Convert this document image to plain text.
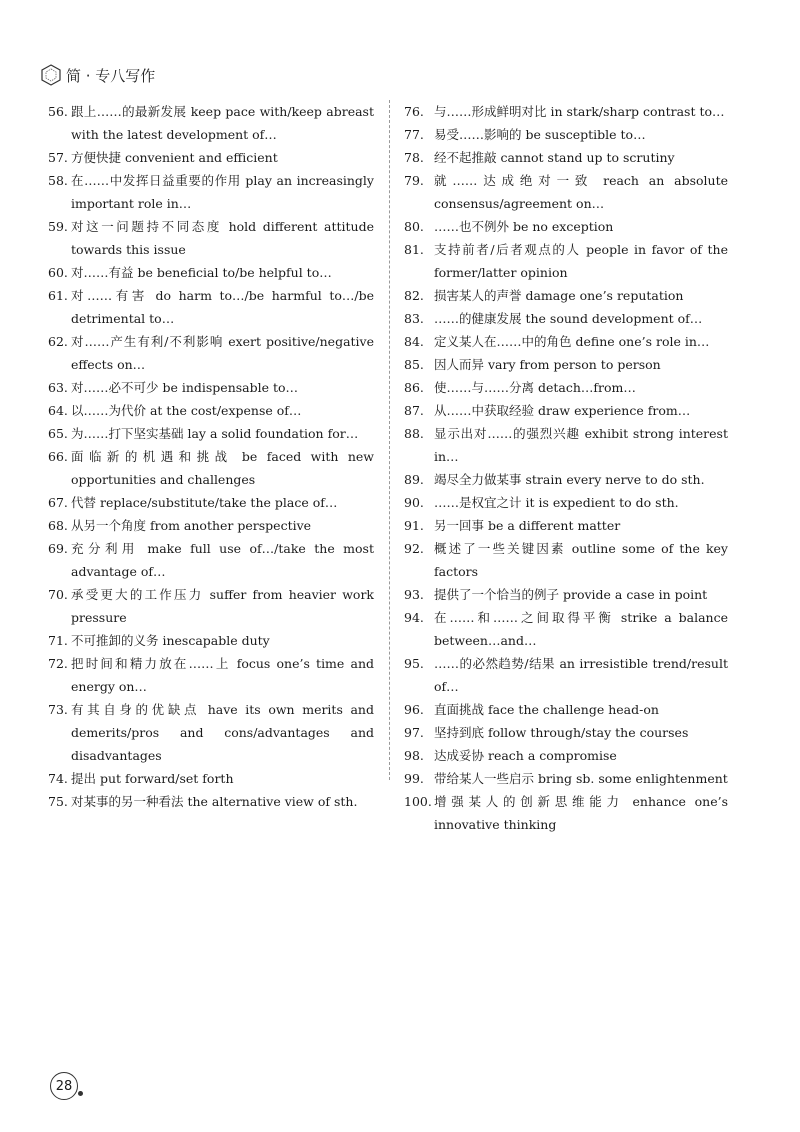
简 · 专八写作
56. 跟上……的最新发展 keep pace with/keep abreast with the latest development of…
57. 方便快捷 convenient and efficient
58. 在……中发挥日益重要的作用 play an increasingly important role in…
59. 对这一问题持不同态度 hold different attitude towards this issue
60. 对……有益 be beneficial to/be helpful to…
61. 对……有害 do harm to…/be harmful to…/be detrimental to…
62. 对……产生有利/不利影响 exert positive/negative effects on…
63. 对……必不可少 be indispensable to…
64. 以……为代价 at the cost/expense of…
65. 为……打下坚实基础 lay a solid foundation for…
66. 面临新的机遇和挑战 be faced with new opportunities and challenges
67. 代替 replace/substitute/take the place of…
68. 从另一个角度 from another perspective
69. 充分利用 make full use of…/take the most advantage of…
70. 承受更大的工作压力 suffer from heavier work pressure
71. 不可推卸的义务 inescapable duty
72. 把时间和精力放在……上 focus one’s time and energy on…
73. 有其自身的优缺点 have its own merits and demerits/pros and cons/advantages and disadvantages
74. 提出 put forward/set forth
75. 对某事的另一种看法 the alternative view of sth.
76. 与……形成鲜明对比 in stark/sharp contrast to…
77. 易受……影响的 be susceptible to…
78. 经不起推敲 cannot stand up to scrutiny
79. 就……达成绝对一致 reach an absolute consensus/agreement on…
80. ……也不例外 be no exception
81. 支持前者/后者观点的人 people in favor of the former/latter opinion
82. 损害某人的声誉 damage one’s reputation
83. ……的健康发展 the sound development of…
84. 定义某人在……中的角色 define one’s role in…
85. 因人而异 vary from person to person
86. 使……与……分离 detach…from…
87. 从……中获取经验 draw experience from…
88. 显示出对……的强烈兴趣 exhibit strong interest in…
89. 竭尽全力做某事 strain every nerve to do sth.
90. ……是权宜之计 it is expedient to do sth.
91. 另一回事 be a different matter
92. 概述了一些关键因素 outline some of the key factors
93. 提供了一个恰当的例子 provide a case in point
94. 在……和……之间取得平衡 strike a balance between…and…
95. ……的必然趋势/结果 an irresistible trend/result of…
96. 直面挑战 face the challenge head-on
97. 坚持到底 follow through/stay the courses
98. 达成妥协 reach a compromise
99. 带给某人一些启示 bring sb. some enlightenment
100. 增强某人的创新思维能力 enhance one’s innovative thinking
28
